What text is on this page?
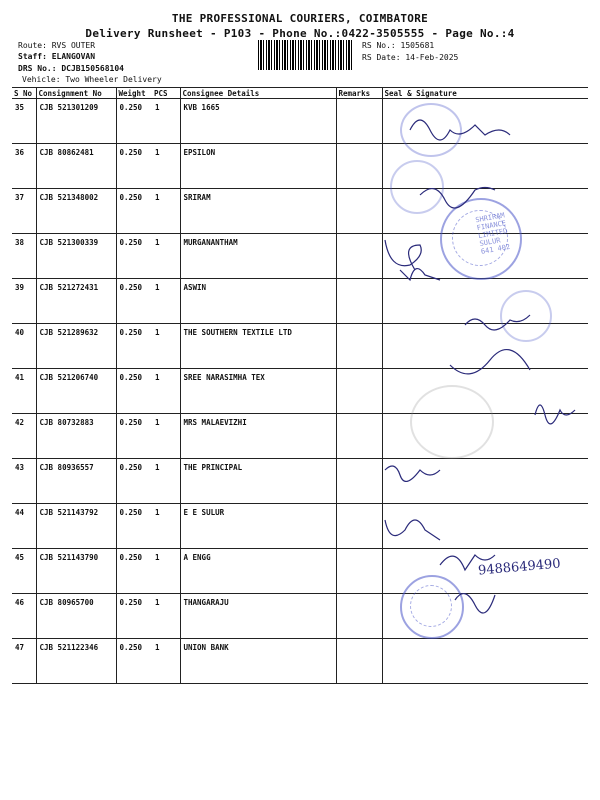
THE PROFESSIONAL COURIERS, COIMBATORE
Delivery Runsheet - P103 - Phone No.:0422-3505555 - Page No.:4
Route: RVS OUTER
Staff: ELANGOVAN
DRS No.: DCJB150568104
Vehicle: Two Wheeler Delivery
RS No.: 1505681
RS Date: 14-Feb-2025
S No	Consignment No	Weight	PCS	Consignee Details	Remarks	Seal & Signature
35	CJB 521301209	0.250	1	KVB 1665		
36	CJB 80862481	0.250	1	EPSILON		
37	CJB 521348002	0.250	1	SRIRAM		
38	CJB 521300339	0.250	1	MURGANANTHAM		
39	CJB 521272431	0.250	1	ASWIN		
40	CJB 521289632	0.250	1	THE SOUTHERN TEXTILE LTD		
41	CJB 521206740	0.250	1	SREE NARASIMHA TEX		
42	CJB 80732883	0.250	1	MRS MALAEVIZHI		
43	CJB 80936557	0.250	1	THE PRINCIPAL		
44	CJB 521143792	0.250	1	E E SULUR		
45	CJB 521143790	0.250	1	A ENGG		
46	CJB 80965700	0.250	1	THANGARAJU		
47	CJB 521122346	0.250	1	UNION BANK		
SHRIRAM FINANCE LIMITED SULUR 641 402
9488649490
